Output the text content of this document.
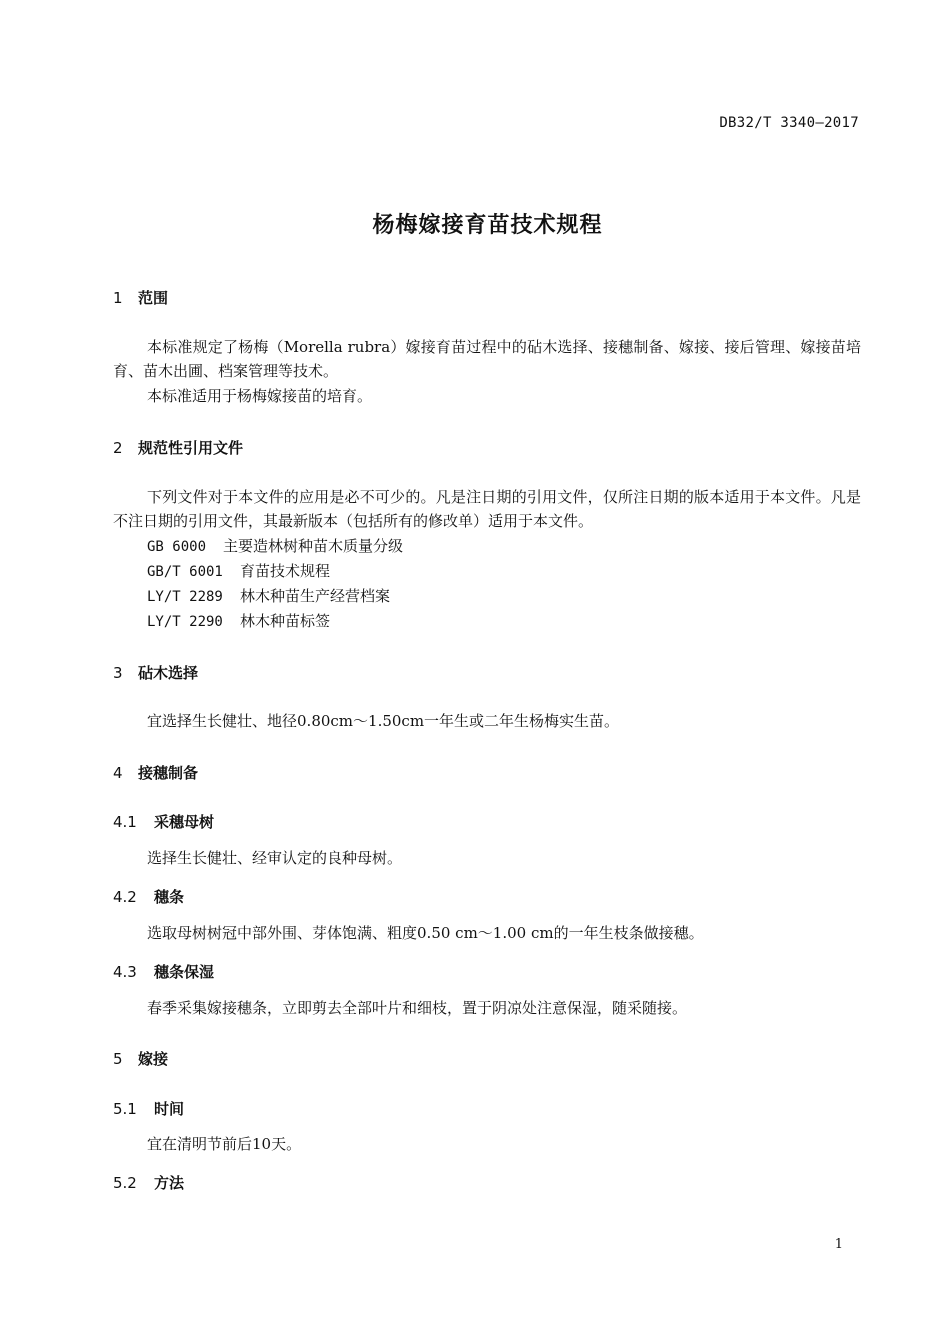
DB32/T 3340—2017
杨梅嫁接育苗技术规程
1 范围
本标准规定了杨梅（Morella rubra）嫁接育苗过程中的砧木选择、接穗制备、嫁接、接后管理、嫁接苗培育、苗木出圃、档案管理等技术。
本标准适用于杨梅嫁接苗的培育。
2 规范性引用文件
下列文件对于本文件的应用是必不可少的。凡是注日期的引用文件，仅所注日期的版本适用于本文件。凡是不注日期的引用文件，其最新版本（包括所有的修改单）适用于本文件。
GB 6000 主要造林树种苗木质量分级
GB/T 6001 育苗技术规程
LY/T 2289 林木种苗生产经营档案
LY/T 2290 林木种苗标签
3 砧木选择
宜选择生长健壮、地径0.80cm～1.50cm一年生或二年生杨梅实生苗。
4 接穗制备
4.1 采穗母树
选择生长健壮、经审认定的良种母树。
4.2 穗条
选取母树树冠中部外围、芽体饱满、粗度0.50 cm～1.00 cm的一年生枝条做接穗。
4.3 穗条保湿
春季采集嫁接穗条，立即剪去全部叶片和细枝，置于阴凉处注意保湿，随采随接。
5 嫁接
5.1 时间
宜在清明节前后10天。
5.2 方法
1
